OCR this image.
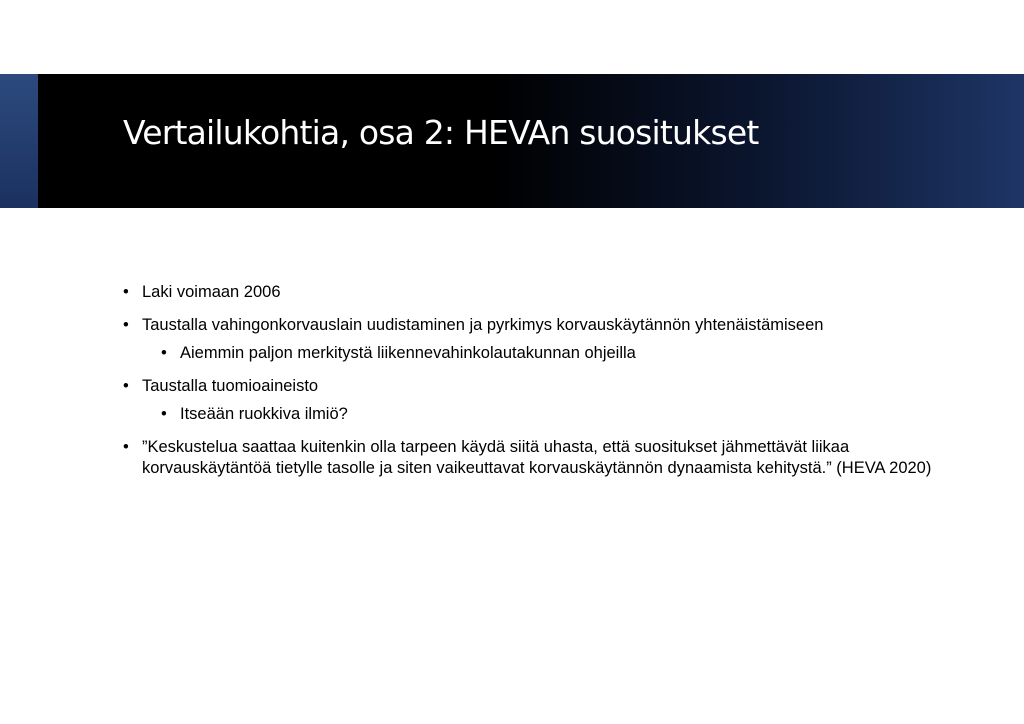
Vertailukohtia, osa 2: HEVAn suositukset
• Laki voimaan 2006
• Taustalla vahingonkorvauslain uudistaminen ja pyrkimys korvauskäytännön yhtenäistämiseen
• Aiemmin paljon merkitystä liikennevahinkolautakunnan ohjeilla
• Taustalla tuomioaineisto
• Itseään ruokkiva ilmiö?
• ”Keskustelua saattaa kuitenkin olla tarpeen käydä siitä uhasta, että suositukset jähmettävät liikaa korvauskäytäntöä tietylle tasolle ja siten vaikeuttavat korvauskäytännön dynaamista kehitystä.” (HEVA 2020)
